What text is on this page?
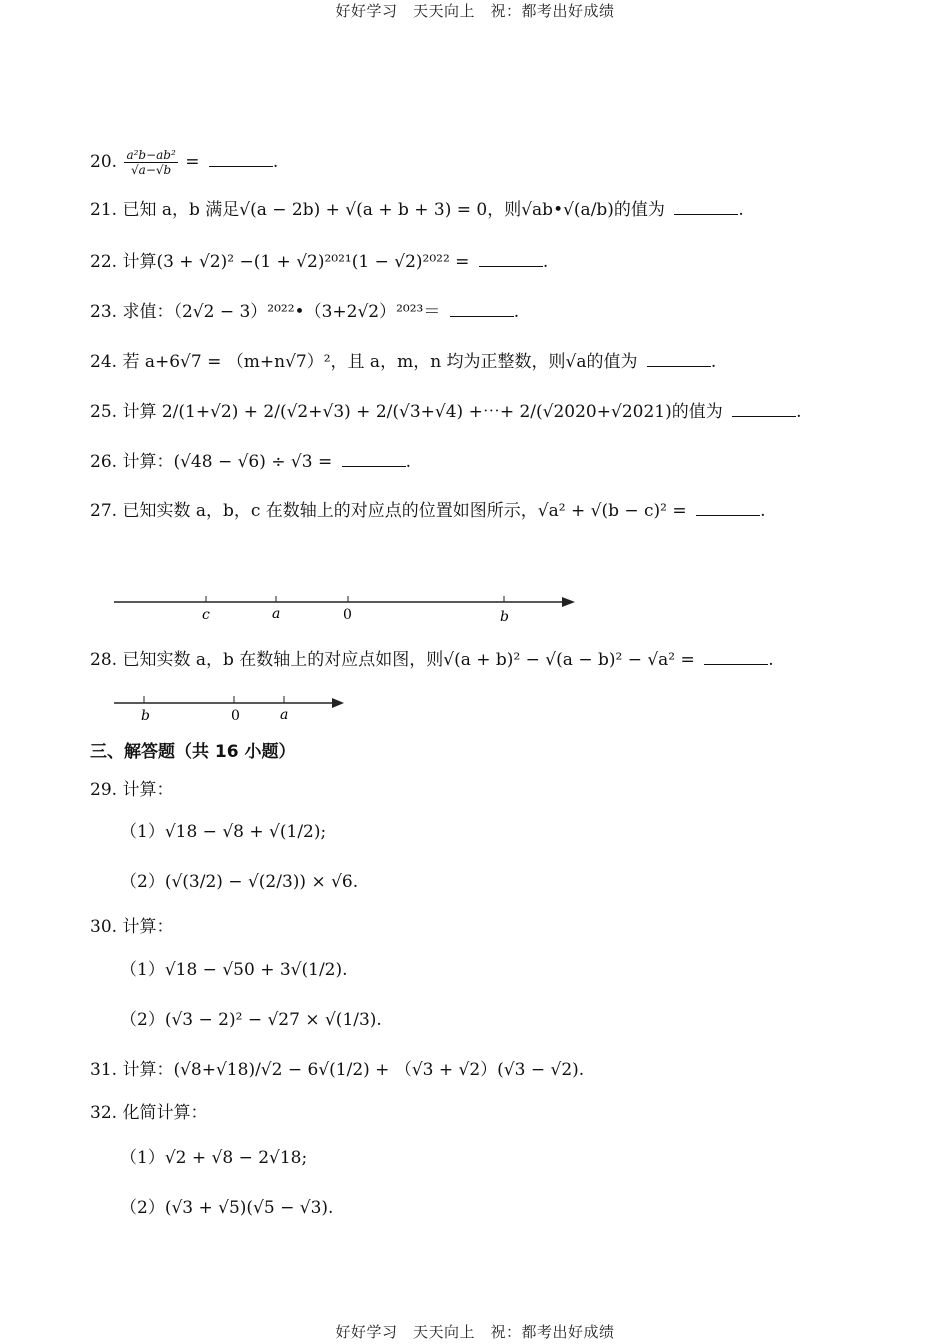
好好学习　天天向上　祝：都考出好成绩
20. $\frac{\text{a²b−ab²}}{√a-√b}$ =	.
21. 已知 a，b 满足√(a − 2b) + √(a + b + 3) = 0，则√ab•√(a/b)的值为	.
22. 计算(3 + √2)² −(1 + √2)²⁰²¹(1 − √2)²⁰²² =	.
23. 求值：（2√2 − 3）²⁰²²•（3+2√2）²⁰²³＝	.
24. 若 a+6√7 = （m+n√7）²，且 a，m，n 均为正整数，则√a的值为	.
25. 计算 2/(1+√2) + 2/(√2+√3) + 2/(√3+√4) +⋯+ 2/(√2020+√2021)的值为	.
26. 计算：(√48 − √6) ÷ √3 =	.
27. 已知实数 a，b，c 在数轴上的对应点的位置如图所示，√a² + √(b − c)² =	.
c	a	0	b
28. 已知实数 a，b 在数轴上的对应点如图，则√(a + b)² − √(a − b)² − √a² =	.
b	0	a
三、解答题（共 16 小题）
29. 计算：
（1）√18 − √8 + √(1/2);
（2）(√(3/2) − √(2/3)) × √6.
30. 计算：
（1）√18 − √50 + 3√(1/2).
（2）(√3 − 2)² − √27 × √(1/3).
31. 计算：(√8+√18)/√2 − 6√(1/2) + （√3 + √2）(√3 − √2).
32. 化简计算：
（1）√2 + √8 − 2√18;
（2）(√3 + √5)(√5 − √3).
好好学习　天天向上　祝：都考出好成绩
